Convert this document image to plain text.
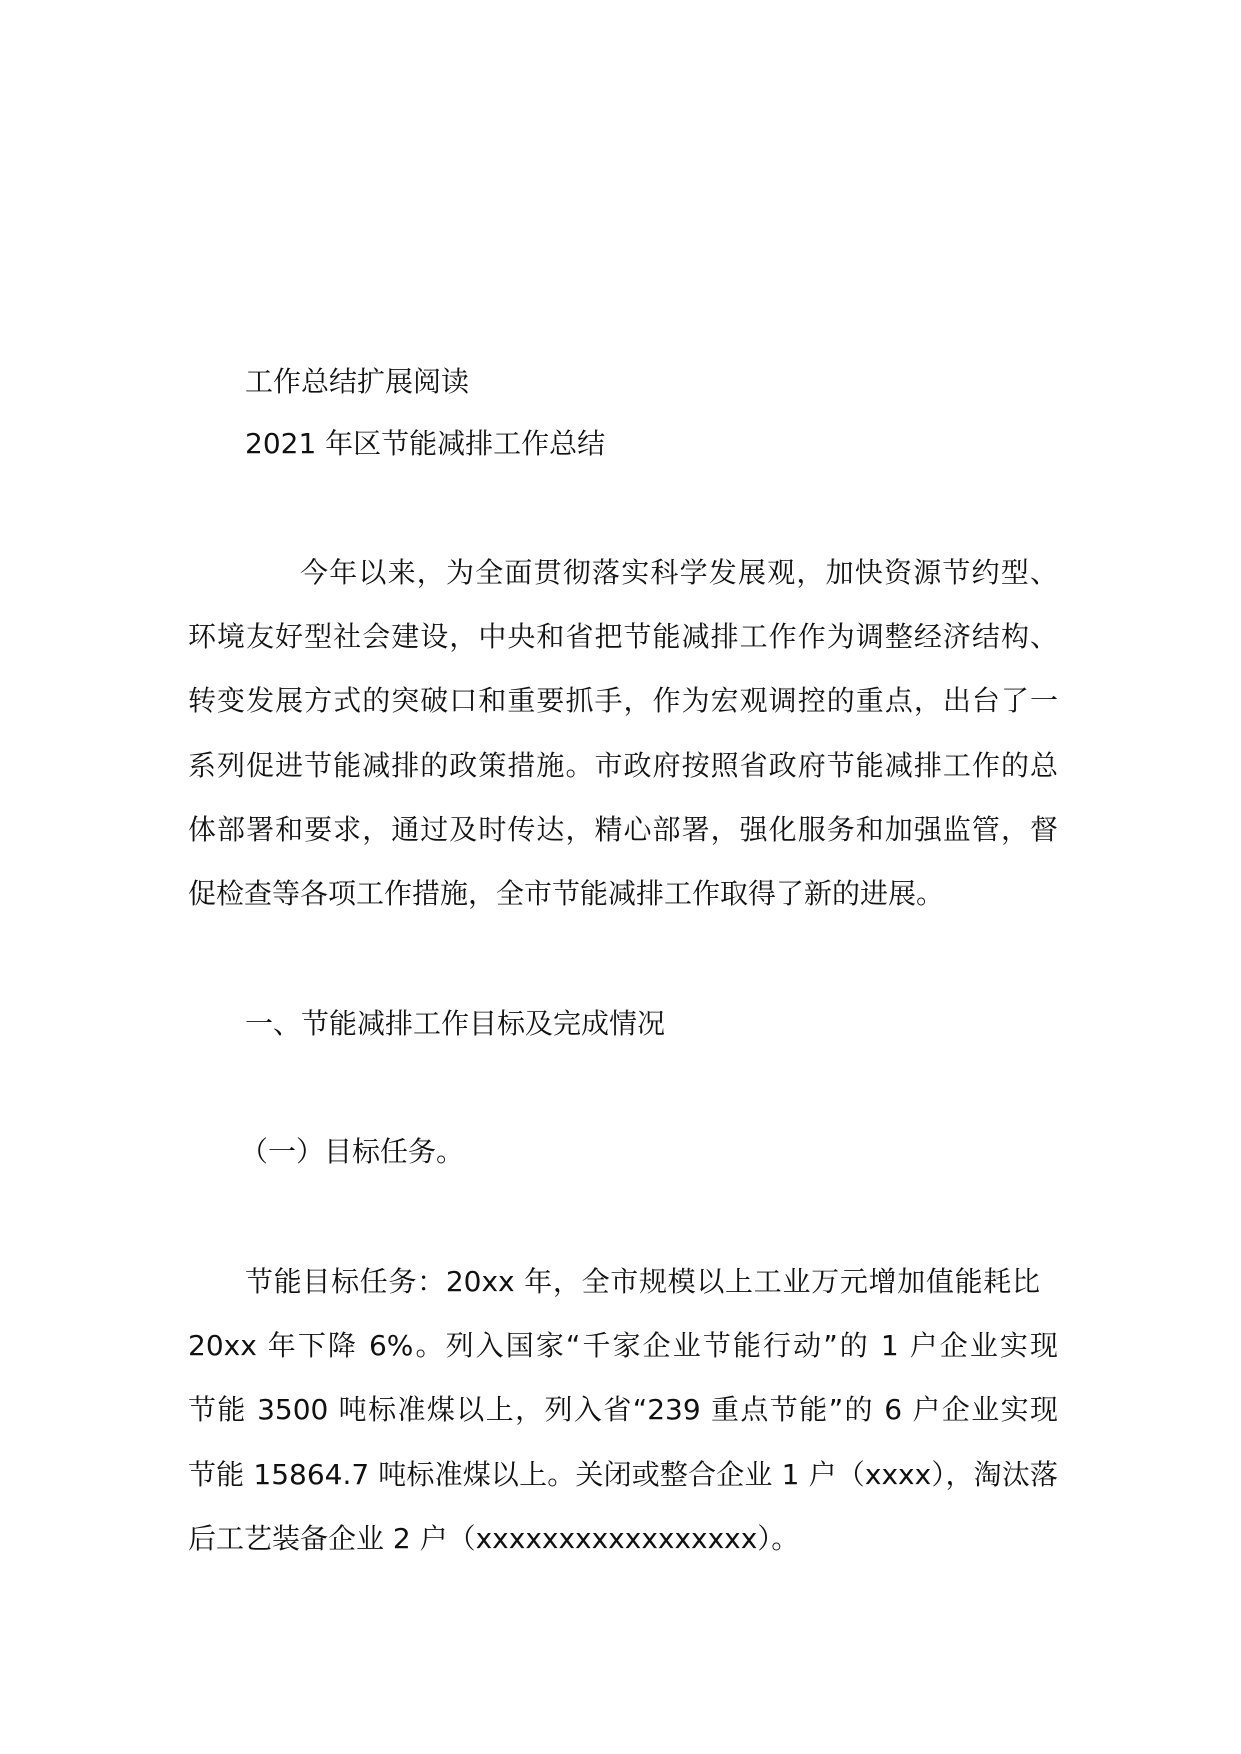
工作总结扩展阅读
2021 年区节能减排工作总结
今年以来，为全面贯彻落实科学发展观，加快资源节约型、
环境友好型社会建设，中央和省把节能减排工作作为调整经济结构、
转变发展方式的突破口和重要抓手，作为宏观调控的重点，出台了一
系列促进节能减排的政策措施。市政府按照省政府节能减排工作的总
体部署和要求，通过及时传达，精心部署，强化服务和加强监管，督
促检查等各项工作措施，全市节能减排工作取得了新的进展。
一、节能减排工作目标及完成情况
（一）目标任务。
节能目标任务：20xx 年，全市规模以上工业万元增加值能耗比
20xx 年下降 6%。列入国家“千家企业节能行动”的 1 户企业实现
节能 3500 吨标准煤以上，列入省“239 重点节能”的 6 户企业实现
节能 15864.7 吨标准煤以上。关闭或整合企业 1 户（xxxx），淘汰落
后工艺装备企业 2 户（xxxxxxxxxxxxxxxxx）。
